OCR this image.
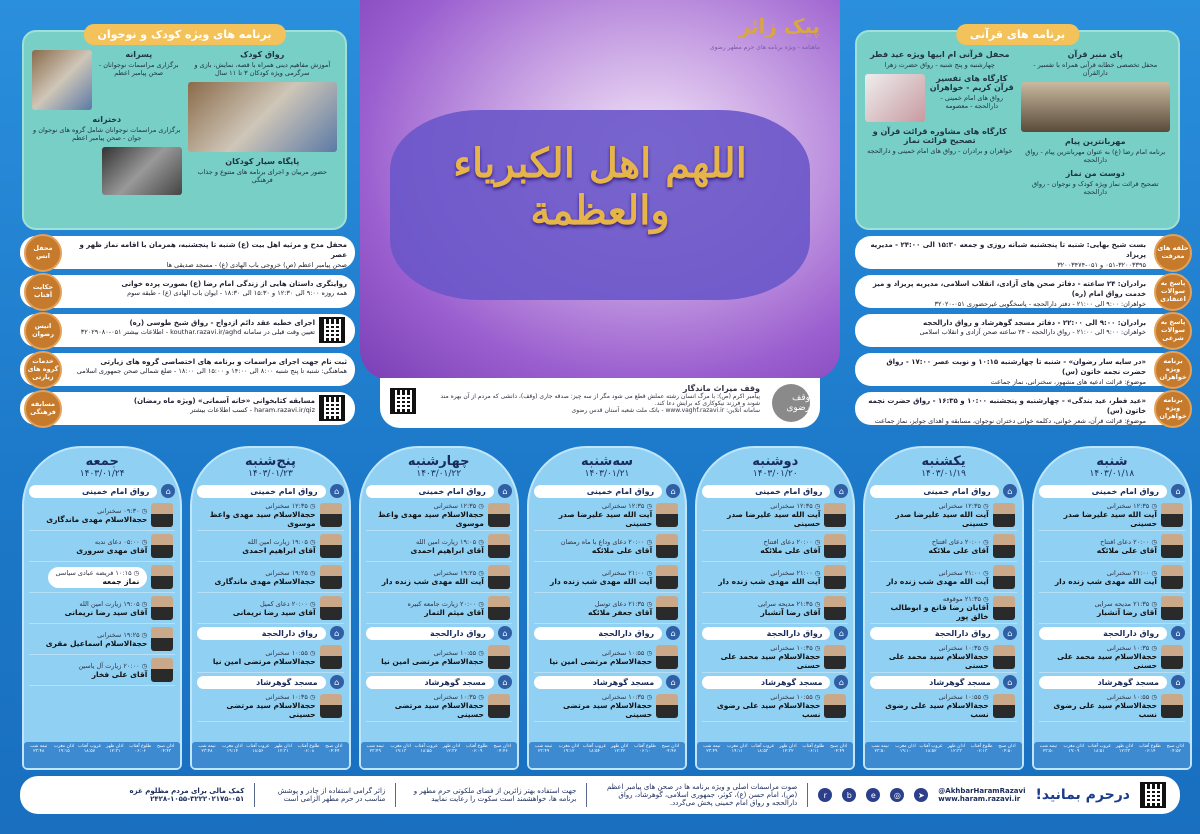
برنامه های ویژه کودک و نوجوان
رواق کودک
آموزش مفاهیم دینی همراه با قصه، نمایش، بازی و سرگرمی ویژه کودکان ۳ تا ۱۱ سال
پایگاه سیار کودکان
حضور مربیان و اجرای برنامه های متنوع و جذاب فرهنگی
پسرانه
برگزاری مراسمات نوجوانان - صحن پیامبر اعظم
دخترانه
برگزاری مراسمات نوجوانان شامل گروه های نوجوان و جوان - صحن پیامبر اعظم
برنامه های قرآنی
پای منبر قرآن
محفل تخصصی خطابه قرآنی همراه با تفسیر - دارالقرآن
مهربانترین پیام
برنامه امام رضا (ع) به عنوان مهربانترین پیام - رواق دارالحجه
دوست من نماز
تصحیح قرائت نماز ویژه کودک و نوجوان - رواق دارالحجه
محفل قرآنی ام ابیها ویژه عید فطر
چهارشنبه و پنج شنبه - رواق حضرت زهرا
کارگاه های تفسیر قرآن کریم - خواهران
رواق های امام خمینی - دارالحجه - معصومه
کارگاه های مشاوره قرائت قرآن و تصحیح قرائت نماز
خواهران و برادران - رواق های امام خمینی و دارالحجه
پیک زائر
ماهنامه - ویژه برنامه های حرم مطهر رضوی
اللهم اهل الکبریاء والعظمة
وقف رضوی
وقف میراث ماندگار
پیامبر اکرم (ص): با مرگ انسان رشته عملش قطع می شود مگر از سه چیز: صدقه جاری (وقف)، دانشی که مردم از آن بهره مند شوند و فرزند نیکوکاری که برایش دعا کند.
سامانه آنلاین: www.vaghf.razavi.ir - بانک ملت شعبه آستان قدس رضوی
محفل انس
محفل مدح و مرثیه اهل بیت (ع) شنبه تا پنجشنبه، همزمان با اقامه نماز ظهر و عصر
صحن پیامبر اعظم (ص) خروجی باب الهادی (ع) - مسجد صدیقی ها
حکایت آفتاب
روایتگری داستان هایی از زندگی امام رضا (ع) بصورت پرده خوانی
همه روزه ۹:۰۰ الی ۱۲:۳۰ و ۱۵:۳۰ الی ۱۸:۳۰ - ایوان باب الهادی (ع) - طبقه سوم
انیس رضوان
اجرای خطبه عقد دائم ازدواج - رواق شیخ طوسی (ره)
تعیین وقت قبلی در سامانه kouthar.razavi.ir/aghd - اطلاعات بیشتر ۰۵۱-۳۲۰۲۹۰۸۰
خدمات گروه های زیارتی
ثبت نام جهت اجرای مراسمات و برنامه های اختصاصی گروه های زیارتی
هماهنگی: شنبه تا پنج شنبه ۸:۰۰ الی ۱۴:۰۰ و ۱۵:۰۰ الی ۱۸:۰۰ - ضلع شمالی صحن جمهوری اسلامی
مسابقه فرهنگی
مسابقه کتابخوانی «خانه آسمانی» (ویژه ماه رمضان)
haram.razavi.ir/qiz - کسب اطلاعات بیشتر
حلقه های معرفت
بست شیخ بهایی: شنبه تا پنجشنبه شبانه روزی و جمعه ۱۵:۳۰ الی ۲۴:۰۰ - مدیریه پریزاد
۰۵۱-۳۲۰۰۳۳۹۵ و ۰۵۱-۳۲۰۰۳۴۷۴
پاسخ به سوالات اعتقادی
برادران: ۲۴ ساعته - دفاتر صحن های آزادی، انقلاب اسلامی، مدیریه پریزاد و میز خدمت رواق امام (ره)
خواهران: ۹:۰۰ الی ۲۱:۰۰ - دفتر دارالحجه - پاسخگویی غیرحضوری ۰۵۱-۳۲۰۲۰
پاسخ به سوالات شرعی
برادران: ۹:۰۰ الی ۲۲:۰۰ - دفاتر مسجد گوهرشاد و رواق دارالحجه
خواهران: ۹:۰۰ الی ۲۱:۰۰ - رواق دارالحجه - ۲۴ ساعته صحن آزادی و انقلاب اسلامی
برنامه ویژه خواهران
«در سایه سار رضوان» - شنبه تا چهارشنبه ۱۰:۱۵ و نوبت عصر ۱۷:۰۰ - رواق حضرت نجمه خاتون (س)
موضوع: قرائت ادعیه های مشهور، سخنرانی، نماز جماعت
برنامه ویژه خواهران
«عید فطر، عید بندگی» - چهارشنبه و پنجشنبه ۱۰:۰۰ و ۱۶:۳۵ - رواق حضرت نجمه خاتون (س)
موضوع: قرائت قرآن، شعر خوانی، دکلمه خوانی دختران نوجوان، مسابقه و اهدای جوایز، نماز جماعت
شنبه
۱۴۰۳/۰۱/۱۸
⌂
رواق امام خمینی
◷ ۱۲:۳۵ سخنرانی
آیت الله سید علیرضا صدر حسینی
◷ ۲۰:۰۰ دعای افتتاح
آقای علی ملائکه
◷ ۲۱:۰۰ سخنرانی
آیت الله مهدی شب زنده دار
◷ ۲۱:۳۵ مدیحه سرایی
آقای رضا آتشبار
⌂
رواق دارالحجة
◷ ۱۰:۳۵ سخنرانی
حجة‌الاسلام سید محمد علی حسنی
⌂
مسجد گوهرشاد
◷ ۱۰:۵۵ سخنرانی
حجة‌الاسلام سید علی رضوی نسب
اذان صبح
۰۴:۵۲
طلوع آفتاب
۰۶:۱۴
اذان ظهر
۱۲:۳۳
غروب آفتاب
۱۸:۵۱
اذان مغرب
۱۹:۰۹
نیمه شب
۲۳:۵۰
یکشنبه
۱۴۰۳/۰۱/۱۹
⌂
رواق امام خمینی
◷ ۱۲:۳۵ سخنرانی
آیت الله سید علیرضا صدر حسینی
◷ ۲۰:۰۰ دعای افتتاح
آقای علی ملائکه
◷ ۲۱:۰۰ سخنرانی
آیت الله مهدی شب زنده دار
◷ ۲۱:۳۵ موقوفه
آقایان رضا قانع و ابوطالب خالق پور
⌂
رواق دارالحجة
◷ ۱۰:۳۵ سخنرانی
حجة‌الاسلام سید محمد علی حسنی
⌂
مسجد گوهرشاد
◷ ۱۰:۵۵ سخنرانی
حجة‌الاسلام سید علی رضوی نسب
اذان صبح
۰۴:۵۰
طلوع آفتاب
۰۶:۱۳
اذان ظهر
۱۲:۳۳
غروب آفتاب
۱۸:۵۲
اذان مغرب
۱۹:۱۰
نیمه شب
۲۳:۵۰
دوشنبه
۱۴۰۳/۰۱/۲۰
⌂
رواق امام خمینی
◷ ۱۲:۳۵ سخنرانی
آیت الله سید علیرضا صدر حسینی
◷ ۲۰:۰۰ دعای افتتاح
آقای علی ملائکه
◷ ۲۱:۰۰ سخنرانی
آیت الله مهدی شب زنده دار
◷ ۲۱:۳۵ مدیحه سرایی
آقای رضا آتشبار
⌂
رواق دارالحجة
◷ ۱۰:۳۵ سخنرانی
حجة‌الاسلام سید محمد علی حسنی
⌂
مسجد گوهرشاد
◷ ۱۰:۵۵ سخنرانی
حجة‌الاسلام سید علی رضوی نسب
اذان صبح
۰۴:۴۹
طلوع آفتاب
۰۶:۱۱
اذان ظهر
۱۲:۳۲
غروب آفتاب
۱۸:۵۳
اذان مغرب
۱۹:۱۱
نیمه شب
۲۳:۴۹
سه‌شنبه
۱۴۰۳/۰۱/۲۱
⌂
رواق امام خمینی
◷ ۱۲:۳۵ سخنرانی
آیت الله سید علیرضا صدر حسینی
◷ ۲۰:۰۰ دعای وداع با ماه رمضان
آقای علی ملائکه
◷ ۲۱:۰۰ سخنرانی
آیت الله مهدی شب زنده دار
◷ ۲۱:۳۵ دعای توسل
آقای جعفر ملائکه
⌂
رواق دارالحجة
◷ ۱۰:۵۵ سخنرانی
حجة‌الاسلام مرتضی امین نیا
⌂
مسجد گوهرشاد
◷ ۱۰:۳۵ سخنرانی
حجة‌الاسلام سید مرتضی حسینی
اذان صبح
۰۴:۴۷
طلوع آفتاب
۰۶:۱۰
اذان ظهر
۱۲:۳۲
غروب آفتاب
۱۸:۵۴
اذان مغرب
۱۹:۱۲
نیمه شب
۲۳:۴۹
چهارشنبه
۱۴۰۳/۰۱/۲۲
⌂
رواق امام خمینی
◷ ۱۲:۳۵ سخنرانی
حجة‌الاسلام سید مهدی واعظ موسوی
◷ ۱۹:۰۵ زیارت امین الله
آقای ابراهیم احمدی
◷ ۱۹:۲۵ سخنرانی
آیت الله مهدی شب زنده دار
◷ ۲۰:۰۰ زیارت جامعه کبیره
آقای میثم التمار
⌂
رواق دارالحجة
◷ ۱۰:۵۵ سخنرانی
حجة‌الاسلام مرتضی امین نیا
⌂
مسجد گوهرشاد
◷ ۱۰:۳۵ سخنرانی
حجة‌الاسلام سید مرتضی حسینی
اذان صبح
۰۴:۴۶
طلوع آفتاب
۰۶:۰۹
اذان ظهر
۱۲:۳۲
غروب آفتاب
۱۸:۵۵
اذان مغرب
۱۹:۱۳
نیمه شب
۲۳:۴۹
پنج‌شنبه
۱۴۰۳/۰۱/۲۳
⌂
رواق امام خمینی
◷ ۱۲:۳۵ سخنرانی
حجة‌الاسلام سید مهدی واعظ موسوی
◷ ۱۹:۰۵ زیارت امین الله
آقای ابراهیم احمدی
◷ ۱۹:۲۵ سخنرانی
حجة‌الاسلام مهدی ماندگاری
◷ ۲۰:۰۰ دعای کمیل
آقای سید رضا نریمانی
⌂
رواق دارالحجة
◷ ۱۰:۵۵ سخنرانی
حجة‌الاسلام مرتضی امین نیا
⌂
مسجد گوهرشاد
◷ ۱۰:۳۵ سخنرانی
حجة‌الاسلام سید مرتضی حسینی
اذان صبح
۰۴:۴۴
طلوع آفتاب
۰۶:۰۸
اذان ظهر
۱۲:۳۱
غروب آفتاب
۱۸:۵۶
اذان مغرب
۱۹:۱۴
نیمه شب
۲۳:۴۸
جمعه
۱۴۰۳/۰۱/۲۴
⌂
رواق امام خمینی
◷ ۰۹:۳۰ سخنرانی
حجة‌الاسلام مهدی ماندگاری
◷ ۰۵:۰۰ دعای ندبه
آقای مهدی سروری
◷ ۱۰:۱۵ فریضه عبادی سیاسی
نماز جمعه
◷ ۱۹:۰۵ زیارت امین الله
آقای سید رضا نریمانی
◷ ۱۹:۲۵ سخنرانی
حجة‌الاسلام اسماعیل مقری
◷ ۲۰:۰۰ زیارت آل یاسین
آقای علی فخار
اذان صبح
۰۴:۴۳
طلوع آفتاب
۰۶:۰۶
اذان ظهر
۱۲:۳۱
غروب آفتاب
۱۸:۵۷
اذان مغرب
۱۹:۱۵
نیمه شب
۲۳:۴۸
درحرم بمانید!
@AkhbarHaramRazavi
www.haram.razavi.ir
➤
◎
e
b
r
صوت مراسمات اصلی و ویژه برنامه ها در صحن های پیامبر اعظم (ص)، امام حسن (ع)، کوثر، جمهوری اسلامی، گوهرشاد، رواق دارالحجه و رواق امام خمینی پخش می‌گردد.
جهت استفاده بهتر زائرین از فضای ملکوتی حرم مطهر و برنامه ها، خواهشمند است سکوت را رعایت نمایید
زائر گرامی استفاده از چادر و پوشش مناسب در حرم مطهر الزامی است
کمک مالی برای مردم مظلوم غزه ۰۵۱-۳۲۲۲۰۲۱۷۵-۱۰۵۵-۲۴۲۸
